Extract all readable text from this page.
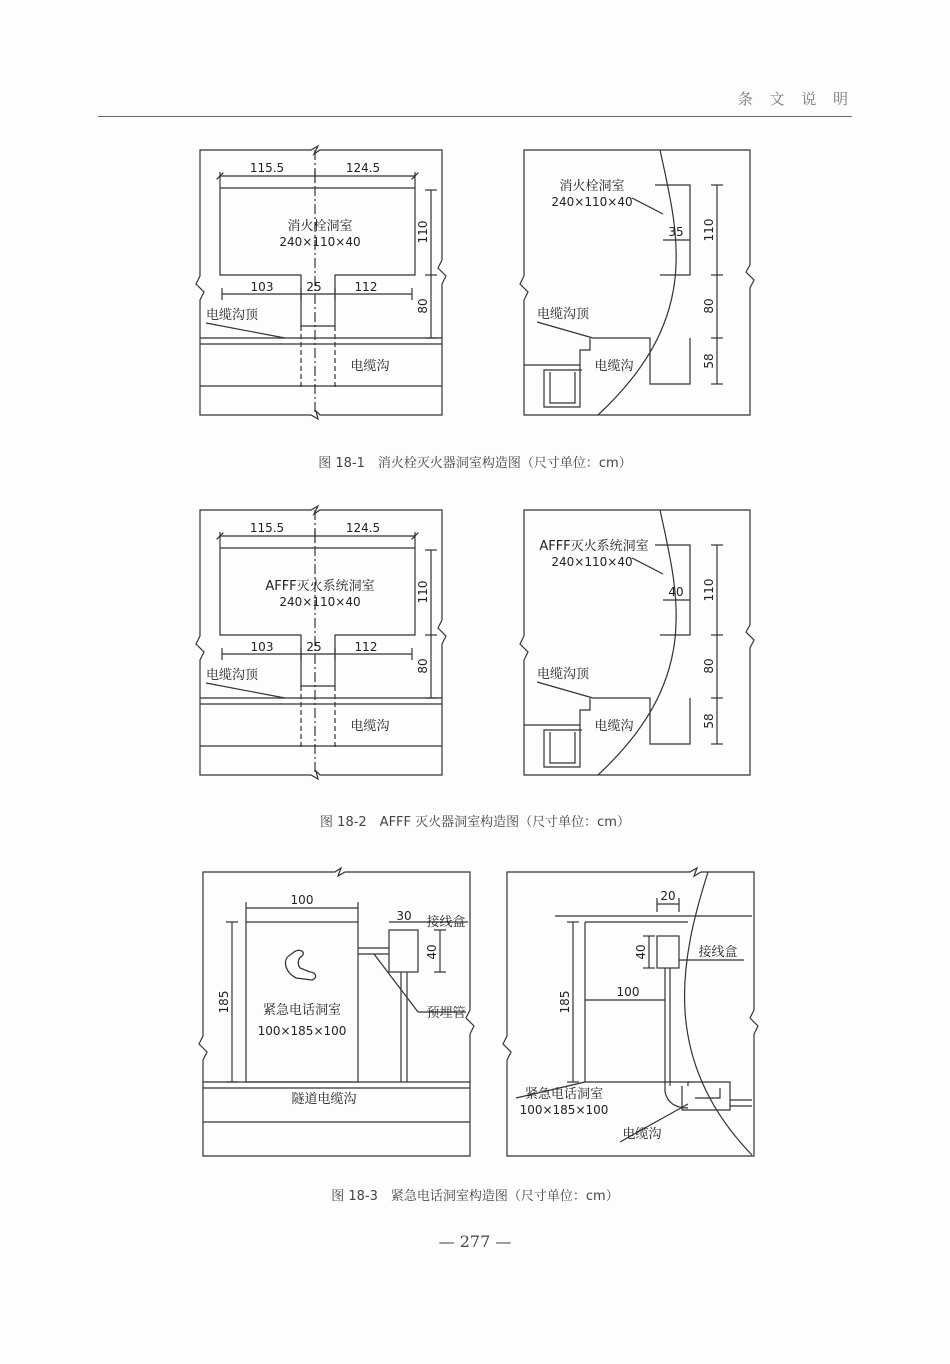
条 文 说 明
115.5	124.5
消火栓洞室
240×110×40
103	25	112
110
80
电缆沟顶
电缆沟
消火栓洞室
240×110×40
35 110
80
58
电缆沟顶
电缆沟
图 18-1　消火栓灭火器洞室构造图（尺寸单位：cm）
115.5	124.5
AFFF灭火系统洞室
240×110×40
103	25	112
110
80
电缆沟顶
电缆沟
AFFF灭火系统洞室
240×110×40
40 110
80
58
电缆沟顶
电缆沟
图 18-2　AFFF 灭火器洞室构造图（尺寸单位：cm）
100
185
30
40
接线盒
紧急电话洞室
100×185×100
预埋管
隧道电缆沟
20
40	接线盒
185	100
紧急电话洞室
100×185×100
电缆沟
图 18-3　紧急电话洞室构造图（尺寸单位：cm）
— 277 —
